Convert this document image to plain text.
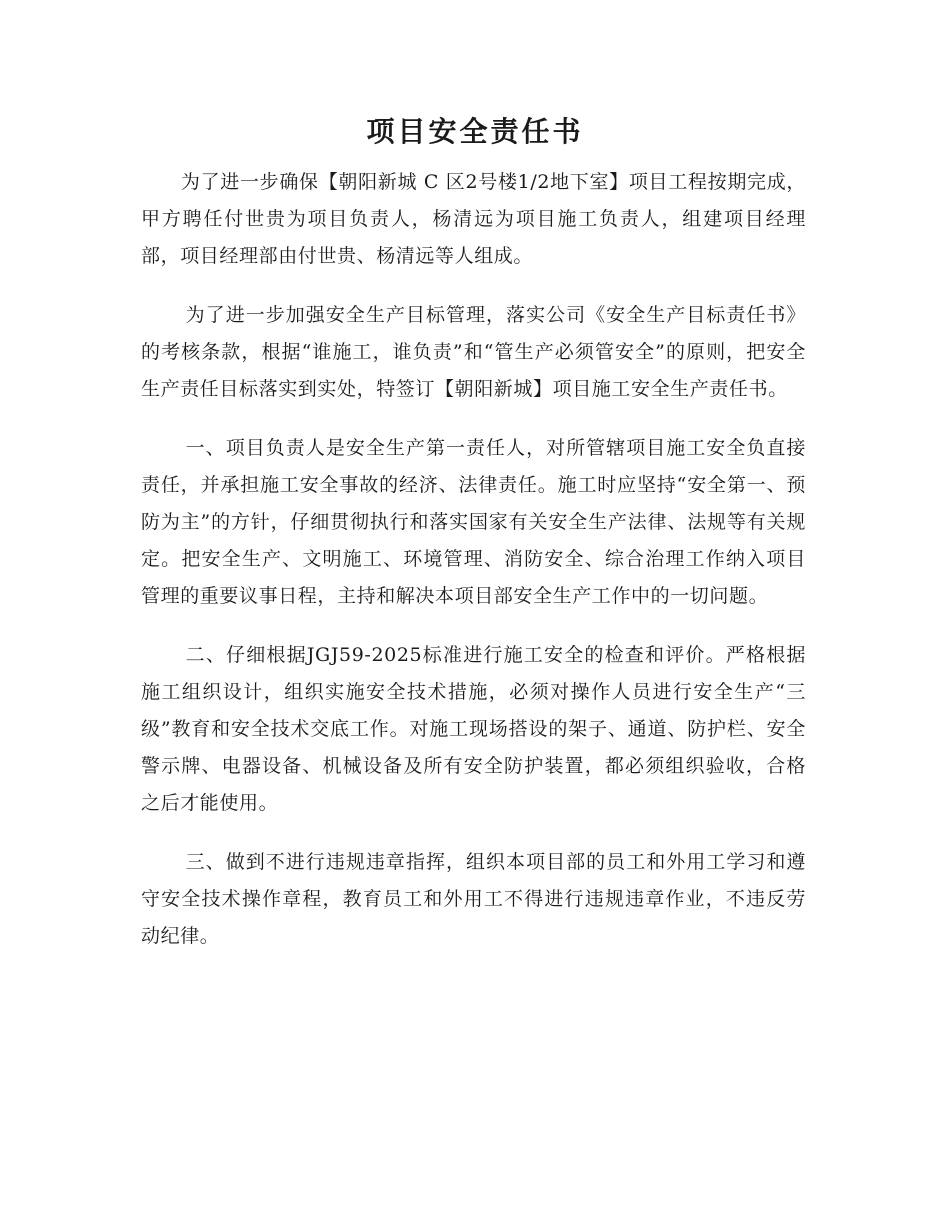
项目安全责任书

为了进一步确保【朝阳新城 C 区2号楼1/2地下室】项目工程按期完成，甲方聘任付世贵为项目负责人，杨清远为项目施工负责人，组建项目经理部，项目经理部由付世贵、杨清远等人组成。

为了进一步加强安全生产目标管理，落实公司《安全生产目标责任书》的考核条款，根据“谁施工，谁负责”和“管生产必须管安全”的原则，把安全生产责任目标落实到实处，特签订【朝阳新城】项目施工安全生产责任书。

一、项目负责人是安全生产第一责任人，对所管辖项目施工安全负直接责任，并承担施工安全事故的经济、法律责任。施工时应坚持“安全第一、预防为主”的方针，仔细贯彻执行和落实国家有关安全生产法律、法规等有关规定。把安全生产、文明施工、环境管理、消防安全、综合治理工作纳入项目管理的重要议事日程，主持和解决本项目部安全生产工作中的一切问题。

二、仔细根据JGJ59-2025标准进行施工安全的检查和评价。严格根据施工组织设计，组织实施安全技术措施，必须对操作人员进行安全生产“三级”教育和安全技术交底工作。对施工现场搭设的架子、通道、防护栏、安全警示牌、电器设备、机械设备及所有安全防护装置，都必须组织验收，合格之后才能使用。

三、做到不进行违规违章指挥，组织本项目部的员工和外用工学习和遵守安全技术操作章程，教育员工和外用工不得进行违规违章作业，不违反劳动纪律。
